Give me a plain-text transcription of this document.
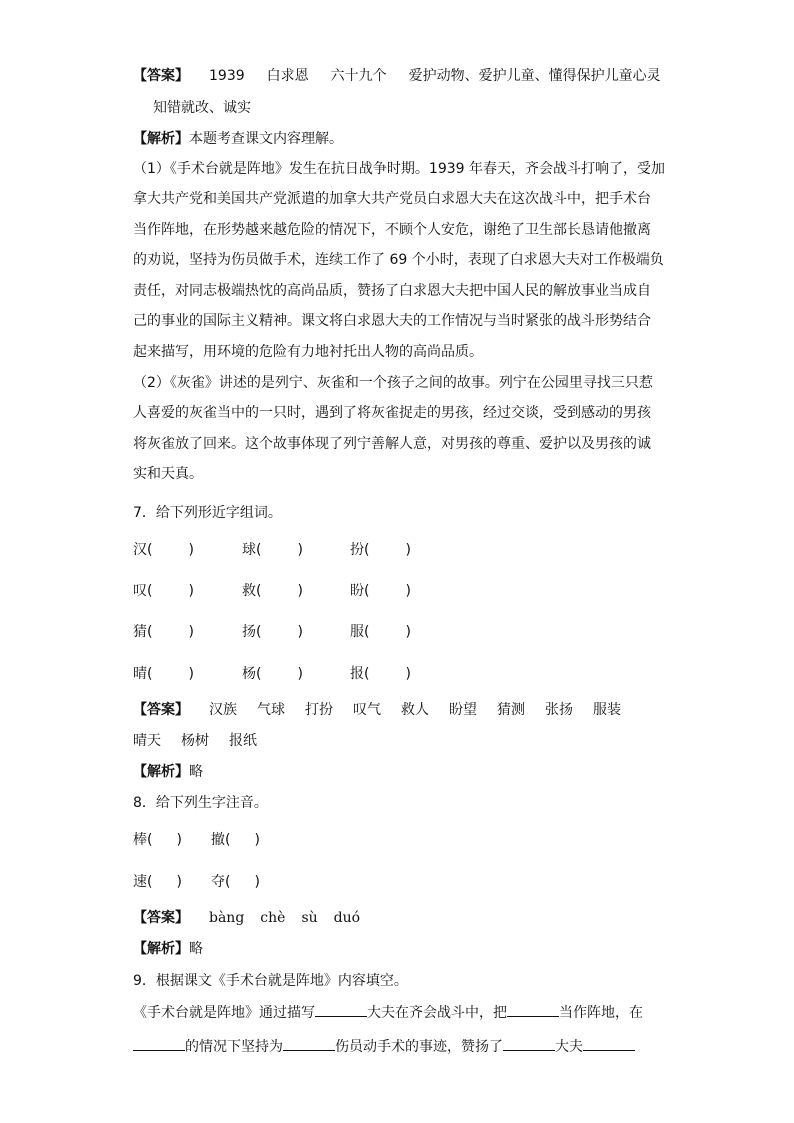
【答案】 1939 白求恩 六十九个 爱护动物、爱护儿童、懂得保护儿童心灵
知错就改、诚实
【解析】本题考查课文内容理解。
（1）《手术台就是阵地》发生在抗日战争时期。1939 年春天，齐会战斗打响了，受加
拿大共产党和美国共产党派遣的加拿大共产党员白求恩大夫在这次战斗中，把手术台
当作阵地，在形势越来越危险的情况下，不顾个人安危，谢绝了卫生部长恳请他撤离
的劝说，坚持为伤员做手术，连续工作了 69 个小时，表现了白求恩大夫对工作极端负
责任，对同志极端热忱的高尚品质，赞扬了白求恩大夫把中国人民的解放事业当成自
己的事业的国际主义精神。课文将白求恩大夫的工作情况与当时紧张的战斗形势结合
起来描写，用环境的危险有力地衬托出人物的高尚品质。
（2）《灰雀》讲述的是列宁、灰雀和一个孩子之间的故事。列宁在公园里寻找三只惹
人喜爱的灰雀当中的一只时，遇到了将灰雀捉走的男孩，经过交谈，受到感动的男孩
将灰雀放了回来。这个故事体现了列宁善解人意，对男孩的尊重、爱护以及男孩的诚
实和天真。
7．给下列形近字组词。
汉(	)	球(	)	扮(	)
叹(	)	救(	)	盼(	)
猜(	)	扬(	)	服(	)
晴(	)	杨(	)	报(	)
【答案】 汉族 气球 打扮 叹气 救人 盼望 猜测 张扬 服装
晴天 杨树 报纸
【解析】略
8．给下列生字注音。
棒( ) 撤( )
速( ) 夺( )
【答案】 bàng chè sù duó
【解析】略
9．根据课文《手术台就是阵地》内容填空。
《手术台就是阵地》通过描写	大夫在齐会战斗中，把	当作阵地，在
的情况下坚持为	伤员动手术的事迹，赞扬了	大夫
